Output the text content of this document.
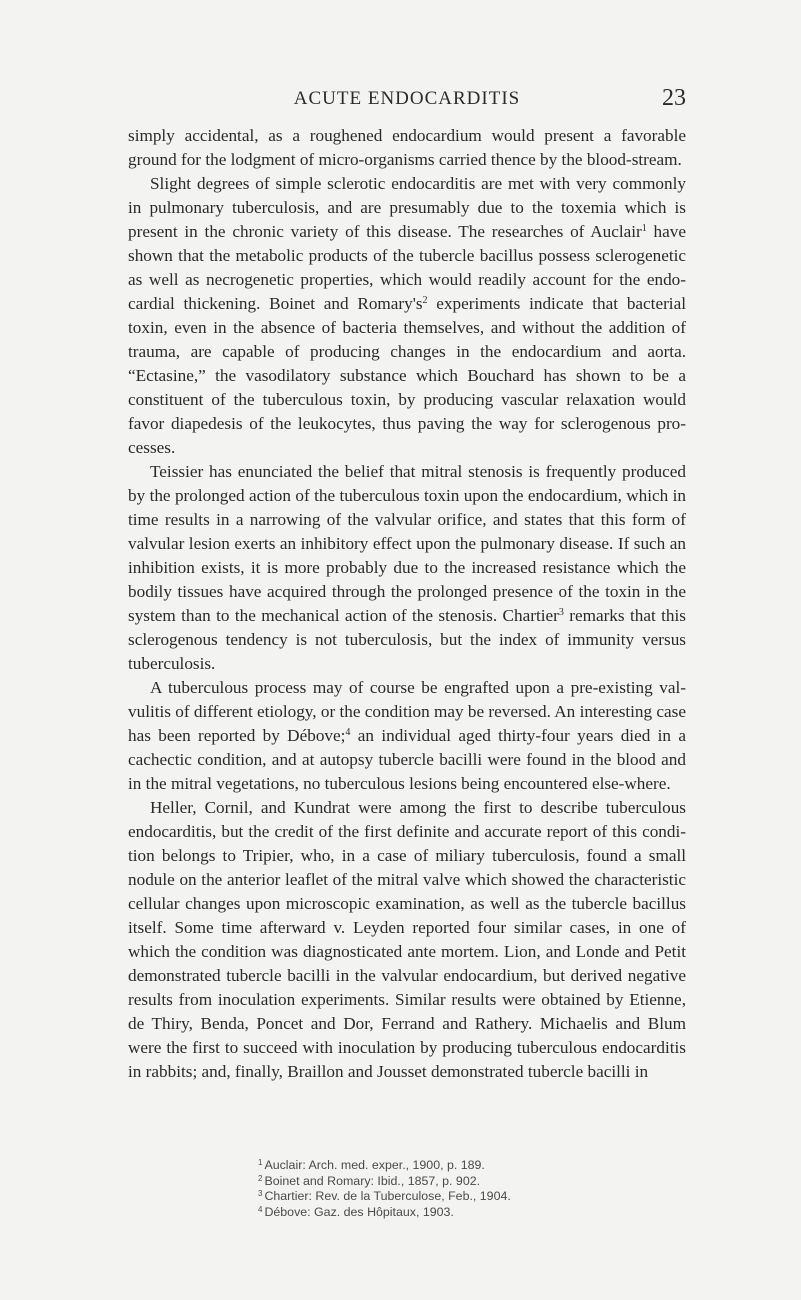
ACUTE ENDOCARDITIS	23

simply accidental, as a roughened endocardium would present a favorable ground for the lodgment of micro-organisms carried thence by the blood-stream.

Slight degrees of simple sclerotic endocarditis are met with very commonly in pulmonary tuberculosis, and are presumably due to the toxemia which is present in the chronic variety of this disease. The researches of Auclair$^1$ have shown that the metabolic products of the tubercle bacillus possess sclerogenetic as well as necrogenetic properties, which would readily account for the endo-cardial thickening. Boinet and $Romary's^2$ experiments indicate that bacterial toxin, even in the absence of bacteria themselves, and without the addition of trauma, are capable of producing changes in the endocardium and aorta. “Ectasine,” the vasodilatory substance which Bouchard has shown to be a constituent of the tuberculous toxin, by producing vascular relaxation would favor diapedesis of the leukocytes, thus paving the way for sclerogenous pro-cesses.

Teissier has enunciated the belief that mitral stenosis is frequently produced by the prolonged action of the tuberculous toxin upon the endocardium, which in time results in a narrowing of the valvular orifice, and states that this form of valvular lesion exerts an inhibitory effect upon the pulmonary disease. If such an inhibition exists, it is more probably due to the increased resistance which the bodily tissues have acquired through the prolonged presence of the toxin in the system than to the mechanical action of the stenosis. Chartier$^3$ remarks that this sclerogenous tendency is not tuberculosis, but the index of immunity versus tuberculosis.

A tuberculous process may of course be engrafted upon a pre-existing val-vulitis of different etiology, or the condition may be reversed. An interesting case has been reported by Débove;$^4$ an individual aged thirty-four years died in a cachectic condition, and at autopsy tubercle bacilli were found in the blood and in the mitral vegetations, no tuberculous lesions being encountered else-where.

Heller, Cornil, and Kundrat were among the first to describe tuberculous endocarditis, but the credit of the first definite and accurate report of this condi-tion belongs to Tripier, who, in a case of miliary tuberculosis, found a small nodule on the anterior leaflet of the mitral valve which showed the characteristic cellular changes upon microscopic examination, as well as the tubercle bacillus itself. Some time afterward v. Leyden reported four similar cases, in one of which the condition was diagnosticated ante mortem. Lion, and Londe and Petit demonstrated tubercle bacilli in the valvular endocardium, but derived negative results from inoculation experiments. Similar results were obtained by Etienne, de Thiry, Benda, Poncet and Dor, Ferrand and Rathery. Michaelis and Blum were the first to succeed with inoculation by producing tuberculous endocarditis in rabbits; and, finally, Braillon and Jousset demonstrated tubercle bacilli in

$^1$ Auclair: Arch. med. exper., 1900, p. 189.

$^2$ Boinet and Romary: Ibid., 1857, p. 902.

$^3$ Chartier: Rev. de la Tuberculose, Feb., 1904.

$^4$ Débove: Gaz. des Hôpitaux, 1903.
